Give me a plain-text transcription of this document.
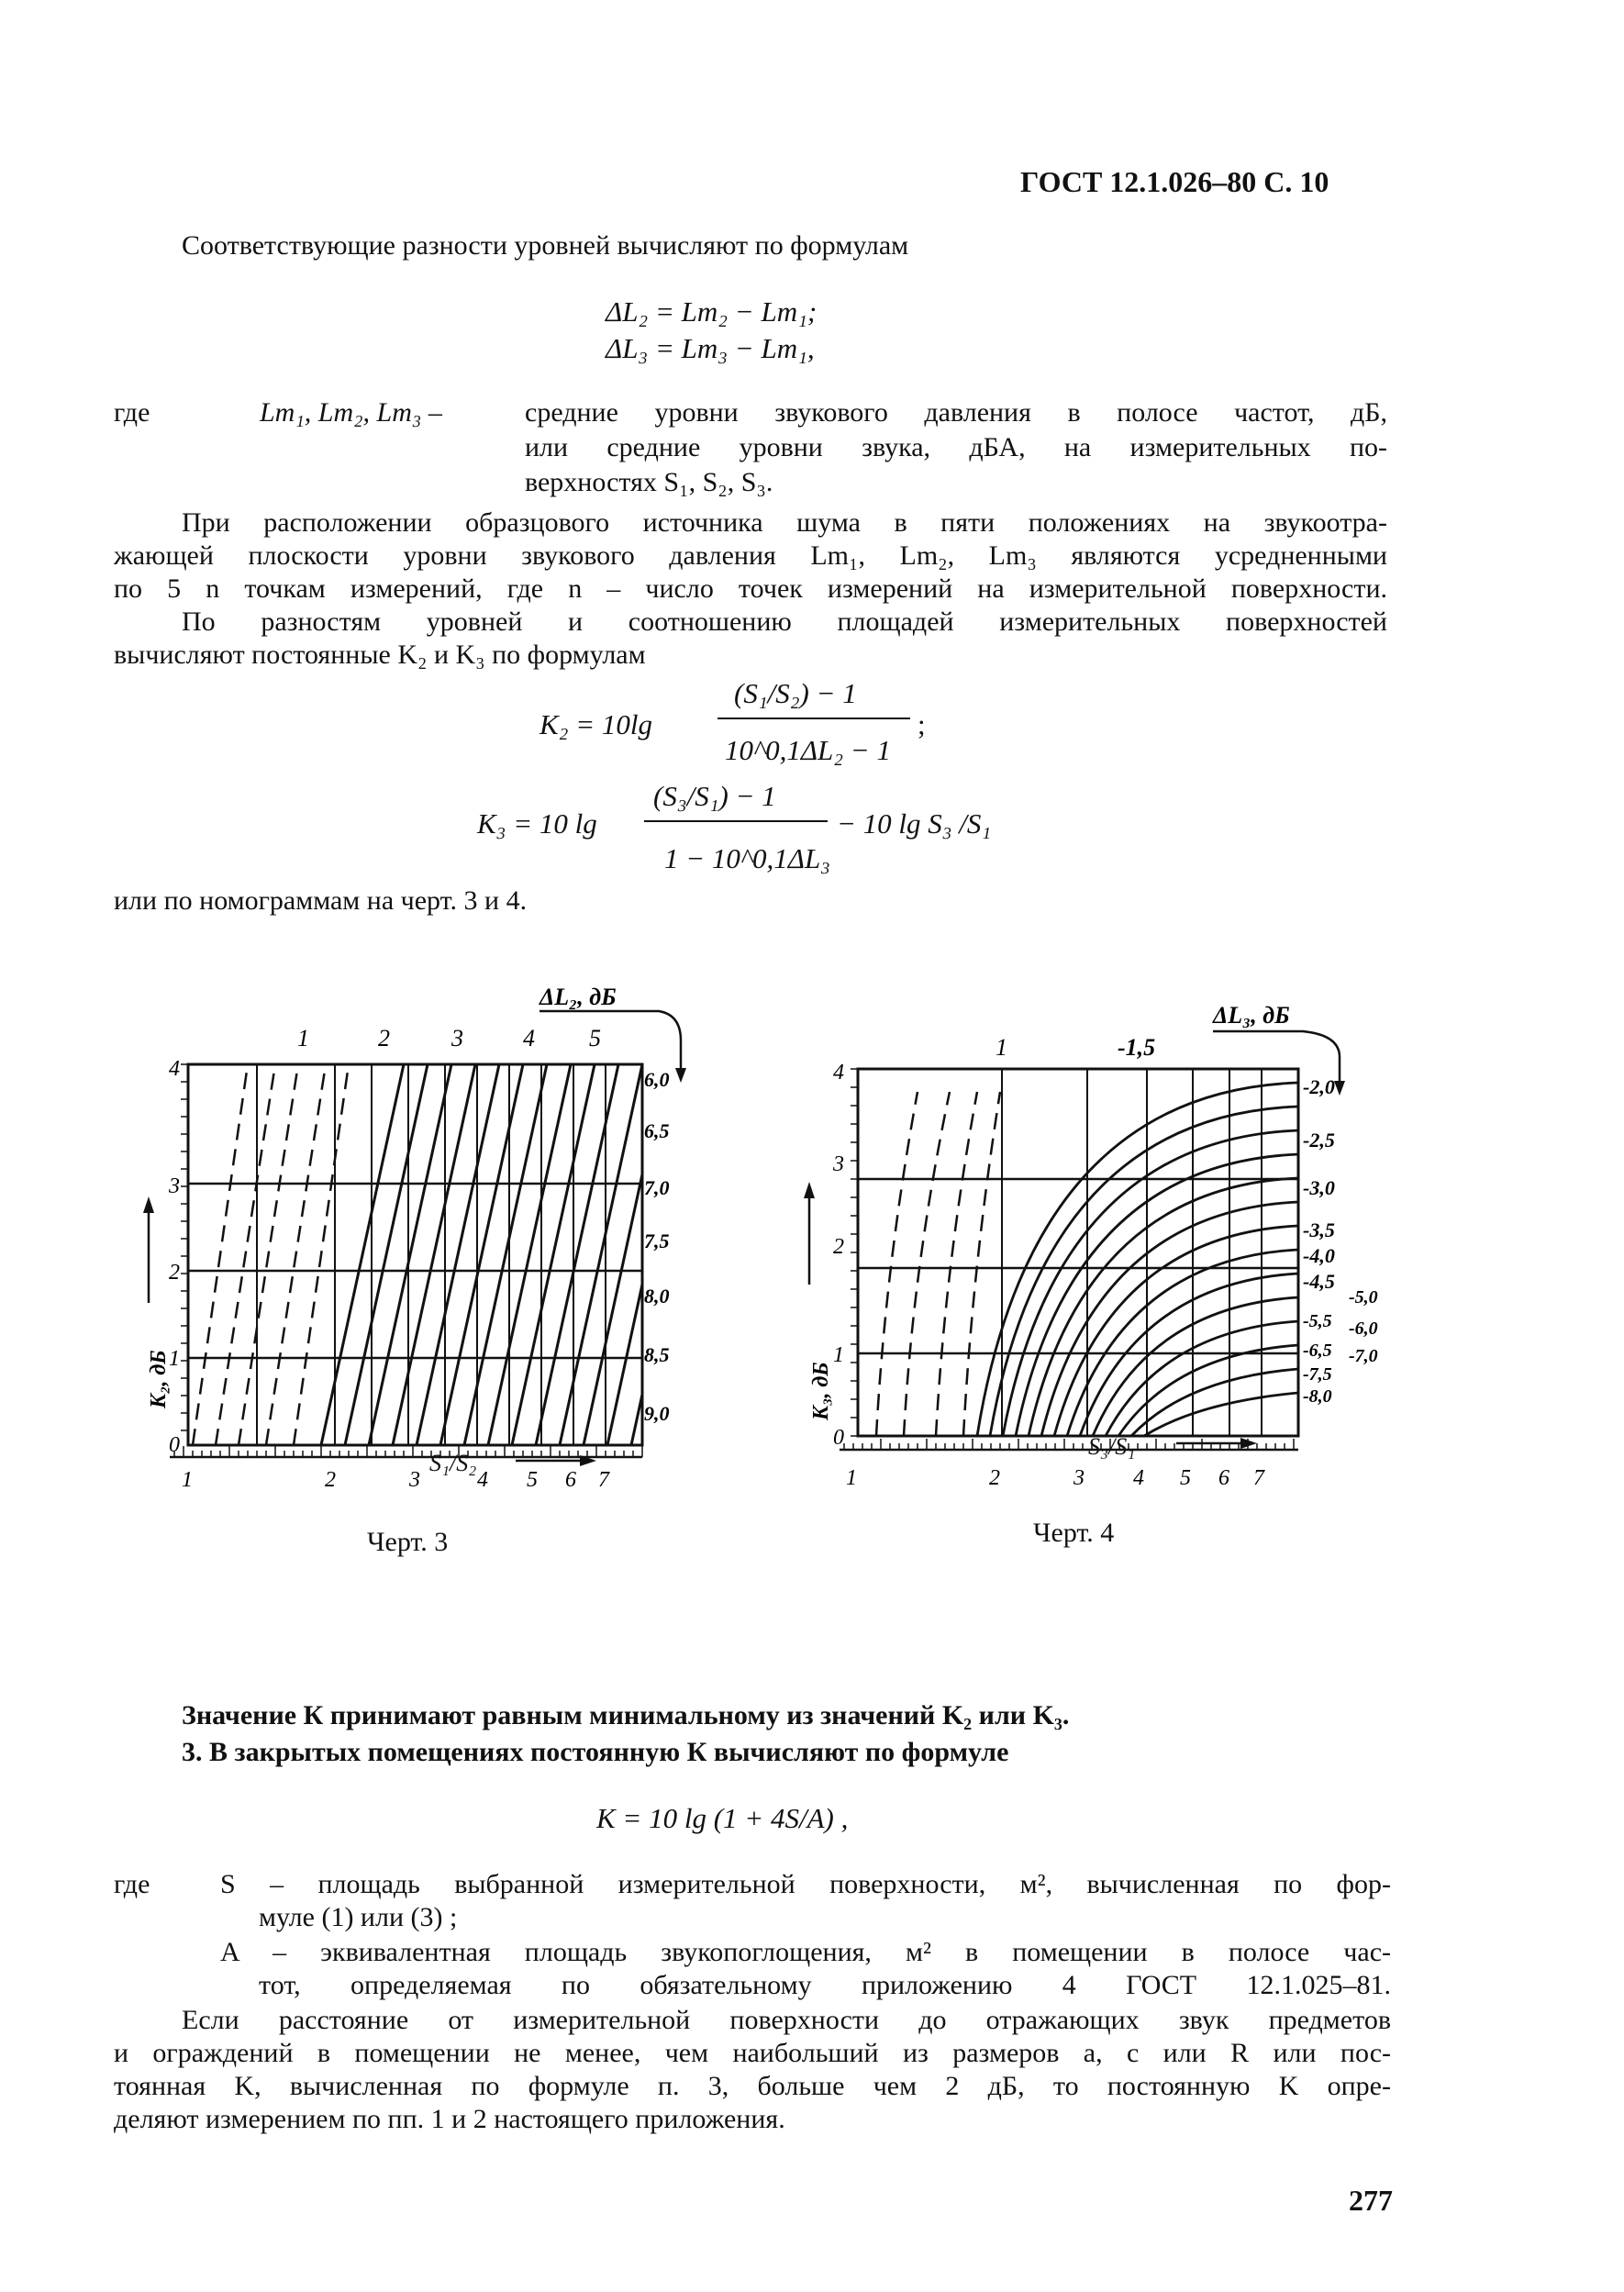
ГОСТ 12.1.026–80 С. 10
Соответствующие разности уровней вычисляют по формулам
ΔL₂ = Lm₂ − Lm₁;
ΔL₃ = Lm₃ − Lm₁,
где	Lm₁, Lm₂, Lm₃ –	средние уровни звукового давления в полосе частот, дБ,
или средние уровни звука, дБА, на измерительных по-
верхностях S₁, S₂, S₃.
При расположении образцового источника шума в пяти положениях на звукоотра-
жающей плоскости уровни звукового давления Lm₁, Lm₂, Lm₃ являются усредненными
по 5 n точкам измерений, где n – число точек измерений на измерительной поверхности.
По разностям уровней и соотношению площадей измерительных поверхностей
вычисляют постоянные K₂ и K₃ по формулам
K₂ = 10lg
(S₁/S₂) − 1
10^0,1ΔL₂ − 1
;
K₃ = 10 lg
(S₃/S₁) − 1
1 − 10^0,1ΔL₃
− 10 lg S₃ /S₁
или по номограммам на черт. 3 и 4.
ΔL₂, дБ
1	2	3	4 5
6,0
6,5
7,0
7,5
8,0
8,5
9,0
0
1
2
3
4
K₂, дБ
1	2	3	4 5 6 7
S₁/S₂
ΔL₃, дБ
1	-1,5
-2,0
-2,5
-3,0
-3,5
-4,0
-4,5
-5,5
-6,5
-7,5
-8,0
-5,0
-6,0
-7,0
0
1
2
3
4
K₃, дБ
1	2	3 4 5 6 7
S₃/S₁
Черт. 3	Черт. 4
Значение К принимают равным минимальному из значений K₂ или K₃.
3. В закрытых помещениях постоянную К вычисляют по формуле
K = 10 lg (1 + 4S/A) ,
где	S – площадь выбранной измерительной поверхности, м², вычисленная по фор-
муле (1) или (3) ;
A – эквивалентная площадь звукопоглощения, м² в помещении в полосе час-
тот, определяемая по обязательному приложению 4 ГОСТ 12.1.025–81.
Если расстояние от измерительной поверхности до отражающих звук предметов
и ограждений в помещении не менее, чем наибольший из размеров a, c или R или пос-
тоянная K, вычисленная по формуле п. 3, больше чем 2 дБ, то постоянную K опре-
деляют измерением по пп. 1 и 2 настоящего приложения.
277
